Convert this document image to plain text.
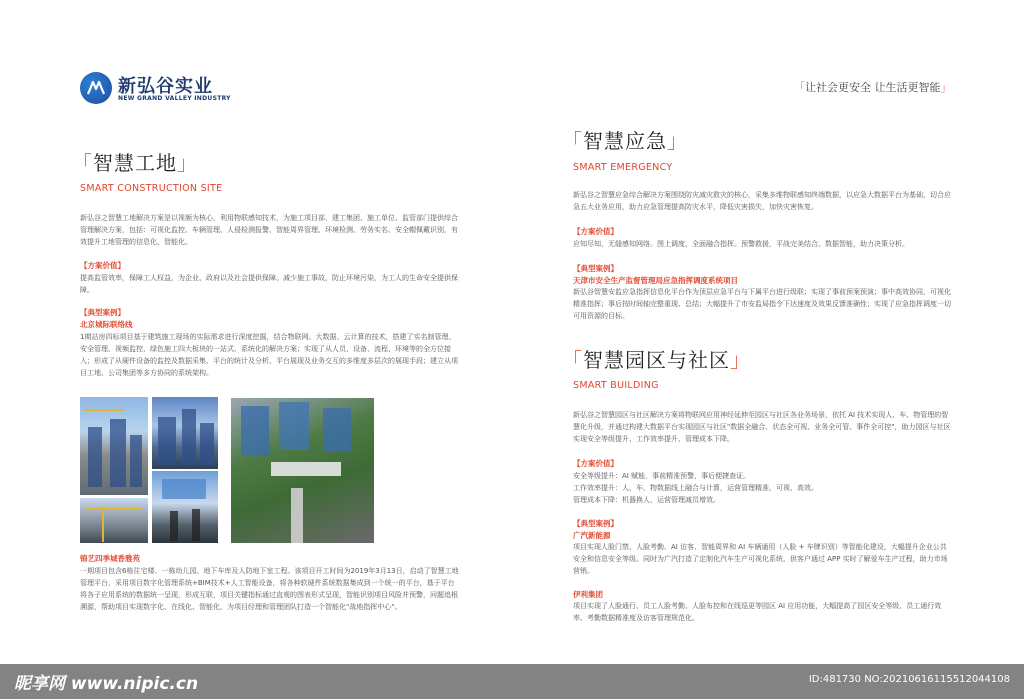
新弘谷实业
NEW GRAND VALLEY INDUSTRY
「让社会更安全 让生活更智能」
「智慧工地」
SMART CONSTRUCTION SITE
新弘谷之智慧工地解决方案是以视频为核心，利用物联感知技术，为施工项目部、建工集团、施工单位、监管部门提供综合管理解决方案，包括：可视化监控、车辆管理、人侵检测报警、智能周界管理、环境检测、劳务实名、安全帽佩戴识别，有效提升工地管理的信息化、智能化。
【方案价值】
提高监管效率，保障工人权益，为企业、政府以及社会提供保障。减少施工事故，防止环境污染，为工人的生命安全提供保障。
【典型案例】
北京城际联络线
1期站房四标项目基于建筑施工现场的实际需求进行深度挖掘，结合物联网、大数据、云计算的技术，搭建了实名制管理、安全管理、视频监控、绿色施工四大板块的一站式、系统化的解决方案；实现了从人员、设备、流程、环境等的全方位接入；形成了从硬件设备的监控及数据采集、平台的统计及分析、平台展现及业务交互的多维度多层次的展现手段；建立从项目工地、公司集团等多方协同的系统架构。
锦艺四季城香雅苑
一期项目包含6栋住宅楼、一栋幼儿园、地下车库及人防地下室工程。该项目开工时间为2019年3月13日，启动了智慧工地管理平台，采用项目数字化管理系统+BIM技术+人工智能设备，将各种软硬件系统数据集成到一个统一的平台，基于平台将各子应用系统的数据统一呈现，形成互联，项目关键指标通过直观的图表形式呈现，智能识别项目风险并预警，问题追根溯源，帮助项目实现数字化、在线化、智能化，为项目经理和管理团队打造一个智能化"战地指挥中心"。
「智慧应急」
SMART EMERGENCY
新弘谷之智慧应急综合解决方案围绕防灾减灾救灾的核心，采集多维物联感知终端数据，以应急大数据平台为基础，切合应急五大业务应用，助力应急管理提高防灾水平，降低灾害损失，加快灾害恢复。
【方案价值】
应知尽知，无缝感知网络。图上调度，全面融合指挥。预警救援，平战完美结合。数据智能，助力决策分析。
【典型案例】
天津市安全生产监督管理局应急指挥调度系统项目
新弘谷智慧安监应急指挥信息化平台作为顶层应急平台与下属平台进行级联；实现了事前预案预演；事中高效协同、可视化精准指挥；事后按时间轴完整重现、总结；大幅提升了市安监局指令下达速度及效果反馈准确性；实现了应急指挥调度一切可用资源的目标。
「智慧园区与社区」
SMART BUILDING
新弘谷之智慧园区与社区解决方案将物联网应用神经延伸至园区与社区各业务场景，依托 AI 技术实现人、车、物管理的智慧化升级，并通过构建大数据平台实现园区与社区"数据全融合、状态全可视、业务全可管、事件全可控"，助力园区与社区实现安全等级提升、工作效率提升、管理成本下降。
【方案价值】
安全等级提升：AI 赋能，事前精准预警，事后便捷查证。
工作效率提升：人、车、物数据线上融合与计算，运营管理精准、可视、高效。
管理成本下降：机器换人，运营管理减员增效。
【典型案例】
广汽新能源
项目实现人脸门禁、人脸考勤、AI 访客、智能周界和 AI 车辆通用（人脸 + 车牌识别）等智能化建设，大幅提升企业公共安全和信息安全等级。同时为广汽打造了定制化汽车生产可视化系统，供客户通过 APP 实时了解爱车生产过程，助力市场营销。
伊利集团
项目实现了人脸通行、员工人脸考勤、人脸布控和在线巡更等园区 AI 应用功能，大幅提高了园区安全等级、员工通行效率、考勤数据精准度及访客管理规范化。
昵享网 www.nipic.cn	ID:481730 NO:20210616115512044108
